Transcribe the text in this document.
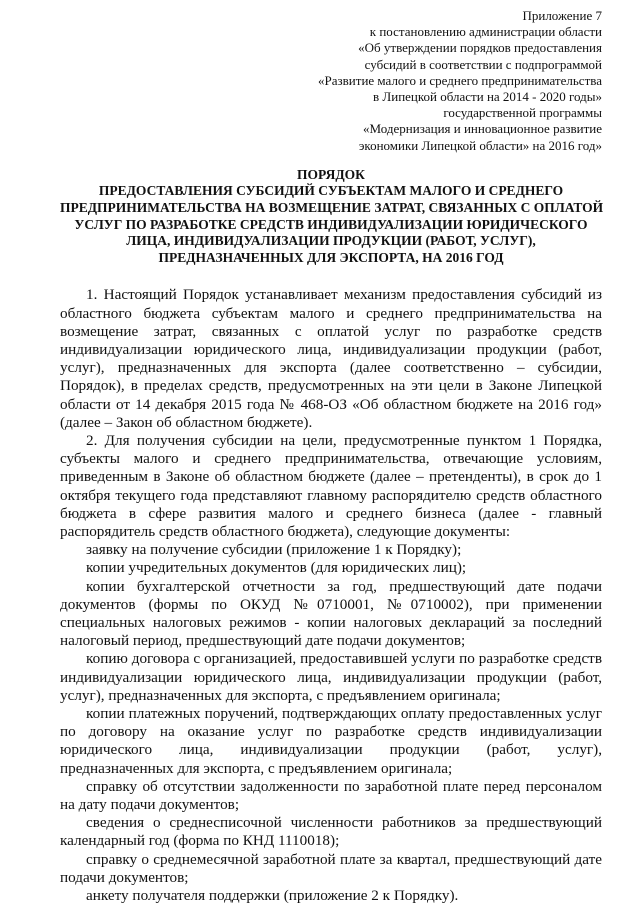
Приложение 7
к постановлению администрации области
«Об утверждении порядков предоставления
субсидий в соответствии с подпрограммой
«Развитие малого и среднего предпринимательства
в Липецкой области на 2014 - 2020 годы»
государственной программы
«Модернизация и инновационное развитие
экономики Липецкой области» на 2016 год»
ПОРЯДОК
ПРЕДОСТАВЛЕНИЯ СУБСИДИЙ СУБЪЕКТАМ МАЛОГО И СРЕДНЕГО
ПРЕДПРИНИМАТЕЛЬСТВА НА ВОЗМЕЩЕНИЕ ЗАТРАТ, СВЯЗАННЫХ С ОПЛАТОЙ
УСЛУГ ПО РАЗРАБОТКЕ СРЕДСТВ ИНДИВИДУАЛИЗАЦИИ ЮРИДИЧЕСКОГО
ЛИЦА, ИНДИВИДУАЛИЗАЦИИ ПРОДУКЦИИ (РАБОТ, УСЛУГ),
ПРЕДНАЗНАЧЕННЫХ ДЛЯ ЭКСПОРТА, НА 2016 ГОД

1. Настоящий Порядок устанавливает механизм предоставления субсидий из областного бюджета субъектам малого и среднего предпринимательства на возмещение затрат, связанных с оплатой услуг по разработке средств индивидуализации юридического лица, индивидуализации продукции (работ, услуг), предназначенных для экспорта (далее соответственно – субсидии, Порядок), в пределах средств, предусмотренных на эти цели в Законе Липецкой области от 14 декабря 2015 года № 468-ОЗ «Об областном бюджете на 2016 год» (далее – Закон об областном бюджете).

2. Для получения субсидии на цели, предусмотренные пунктом 1 Порядка, субъекты малого и среднего предпринимательства, отвечающие условиям, приведенным в Законе об областном бюджете (далее – претенденты), в срок до 1 октября текущего года представляют главному распорядителю средств областного бюджета в сфере развития малого и среднего бизнеса (далее - главный распорядитель средств областного бюджета), следующие документы:

заявку на получение субсидии (приложение 1 к Порядку);

копии учредительных документов (для юридических лиц);

копии бухгалтерской отчетности за год, предшествующий дате подачи документов (формы по ОКУД №0710001, №0710002), при применении специальных налоговых режимов - копии налоговых деклараций за последний налоговый период, предшествующий дате подачи документов;

копию договора с организацией, предоставившей услуги по разработке средств индивидуализации юридического лица, индивидуализации продукции (работ, услуг), предназначенных для экспорта, с предъявлением оригинала;

копии платежных поручений, подтверждающих оплату предоставленных услуг по договору на оказание услуг по разработке средств индивидуализации юридического лица, индивидуализации продукции (работ, услуг), предназначенных для экспорта, с предъявлением оригинала;

справку об отсутствии задолженности по заработной плате перед персоналом на дату подачи документов;

сведения о среднесписочной численности работников за предшествующий календарный год (форма по КНД 1110018);

справку о среднемесячной заработной плате за квартал, предшествующий дате подачи документов;

анкету получателя поддержки (приложение 2 к Порядку).
